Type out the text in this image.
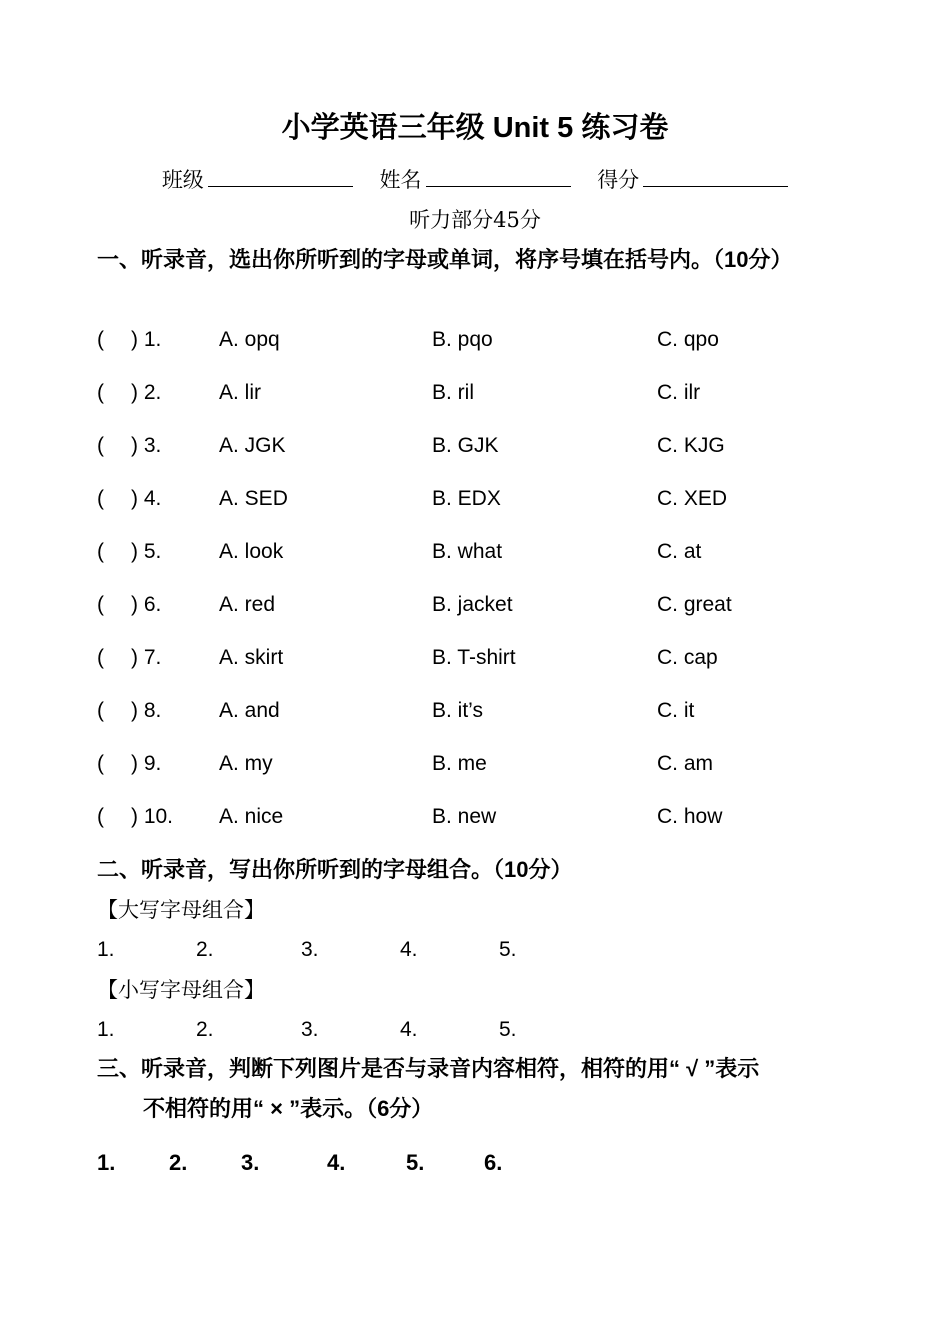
小学英语三年级 Unit 5 练习卷
班级	姓名	得分
听力部分45分
一、听录音，选出你所听到的字母或单词，将序号填在括号内。（10分）
( ) 1.	A. opq	B. pqo	C. qpo
( ) 2.	A. lir	B. ril	C. ilr
( ) 3.	A. JGK	B. GJK	C. KJG
( ) 4.	A. SED	B. EDX	C. XED
( ) 5.	A. look	B. what	C. at
( ) 6.	A. red	B. jacket	C. great
( ) 7.	A. skirt	B. T-shirt	C. cap
( ) 8.	A. and	B. it’s	C. it
( ) 9.	A. my	B. me	C. am
( ) 10. A. nice	B. new	C. how
二、听录音，写出你所听到的字母组合。（10分）
【大写字母组合】
1.	2.	3.	4.	5.
【小写字母组合】
1.	2.	3.	4.	5.
三、听录音，判断下列图片是否与录音内容相符，相符的用“ √ ”表示
不相符的用“ × ”表示。（6分）
1. 2. 3.	4.	5.	6.
